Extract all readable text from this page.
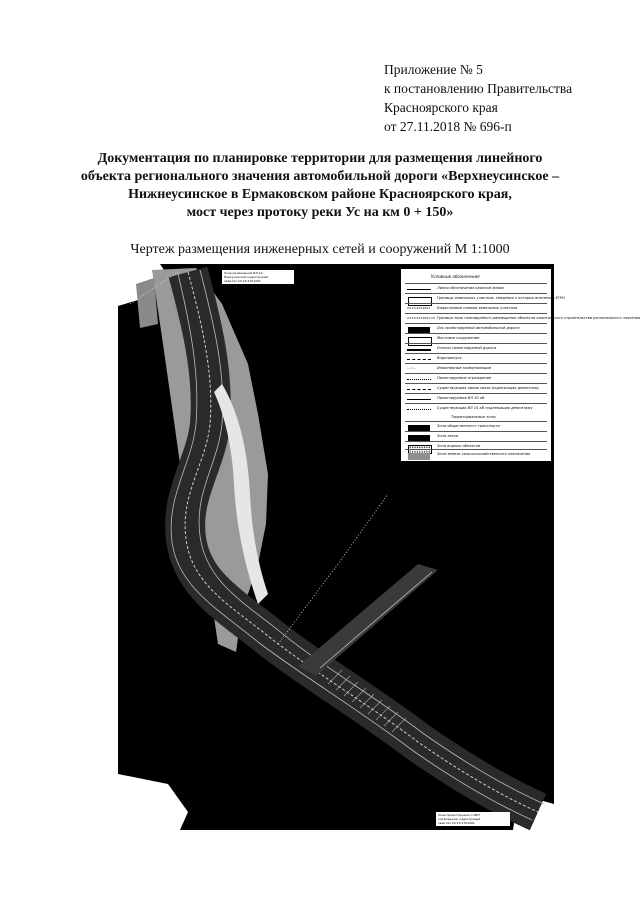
Приложение № 5
к постановлению Правительства
Красноярского края
от 27.11.2018 № 696-п
Документация по планировке территории для размещения линейного
объекта регионального значения автомобильной дороги «Верхнеусинское –
Нижнеусинское в Ермаковском районе Красноярского края,
мост через протоку реки Ус на км 0 + 150»
Чертеж размещения инженерных сетей и сооружений М 1:1000
Зона размещения ВЛ-10
Новоусинский кадастровый
квартал 24:13:4701001
Зона проектируемого МБТ
ограждения, кадастровый
квартал 24:13:4701001
Условные обозначения
Линия обозначения красной линии
Границы земельных участков, сведения о которых внесены в ЕГРН
24:13:4701001	Кадастровые номера земельных участков
24:13:4701001:15 Граница зоны планируемого размещения объектов капитального строительства регионального значения
Ось проектируемой автомобильной дороги
Мостовое сооружение
Откосы проектируемой дороги
Водопропуск
— I —	Инженерные коммуникации
Проектируемое ограждение
Существующая линия связи подлежащая демонтажу
Проектируемая ВЛ 10 кВ
Существующая ВЛ 10 кВ подлежащая демонтажу
Территориальные зоны
Зона общественного транспорта
Зона лесов
Зона водных объектов
Зона земель сельскохозяйственного назначения
